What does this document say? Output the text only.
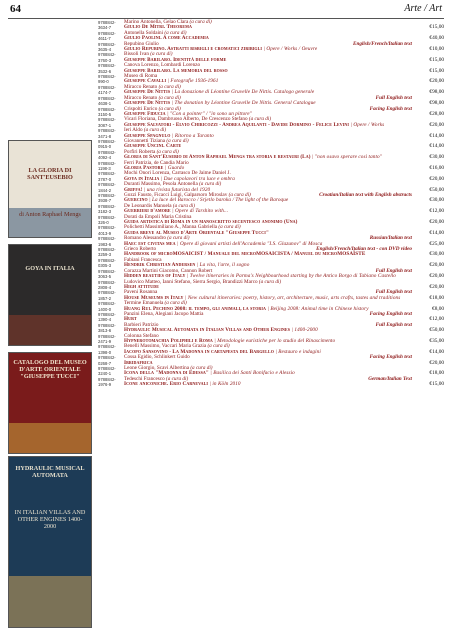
64	Arte / Art
LA GLORIA DI SANT'EUSEBIO
di Anton Raphael Mengs
GOYA IN ITALIA
CATALOGO DEL MUSEO D'ARTE ORIENTALE "GIUSEPPE TUCCI"
HYDRAULIC MUSICAL AUTOMATA
IN ITALIAN VILLAS AND OTHER ENGINES 1400-2000
9788842-3634-7
Marino Antonella, Gelao Clara (a cura di)
Giulio De Mitri. Theorema	€15,00
9788842-4611-7
Antonella Soldaini (a cura di)
Giulio Paolini. A come Accademia	€40,00
9788842-3635-4
Repubino Giulio	English/French/Italian text
Giulio Repubino. Astratti bisbigli e cromatici ziribigli | Opere / Works / Oeuvre	€10,00
9788842-3760-3
Bissoli Ivan (a cura di)
Giuseppe Barilaro. Identità delle forme	€15,00
9788842-3532-6
Canova Lorenzo, Lombardi Lorenzo
Giuseppe Barilaro. La memoria del rosso	€15,00
9788842-990-0
Museo di Roma
Giuseppe Cavalli | Fotografie 1936-1961	€20,00
9788842-4174-7
Miracco Renato (a cura di)
Giuseppe De Nittis | La donazione di Léontine Gruvelle De Nittis. Catalogo generale	€98,00
9788842-4638-1
Miracco Renato (a cura di)	Full English text
Giuseppe De Nittis | The donation by Léontine Gruvelle De Nittis. General Catalogue	€98,00
9788842-3150-5
Crispolti Enrico (a cura di)	Facing English text
Giuseppe Fiducia | "Con a pointer" / "in sono un pittore"	€28,00
9788842-3087-1
Vicari Floriana, Dambruoso Alberto, De Crescenzo Stefano (a cura di)
Giuseppe Salvatori - Elvio Chiricozzi - Andrea Aquilanti - Davide Dormino - Felice Levini | Opere / Works	€20,00
9788842-3471-8
Ieri Aldo (a cura di)
Giuseppe Spagnulo | Ritorno a Taranto	€14,00
9788842-0915-0
Giovannetti Tiziana (a cura di)
Giuseppe Uncini. Carte	€14,00
9788842-4092-4
Porfiri Roberta (a cura di)
Gloria di Sant'Eusebio di Anton Raphael Mengs tra storia e restauri (La) | "non osavo sperare così tanto"	€30,00
9788842-1198-3
Ferri Patrizia, de Candia Mario
Gloria Pastore | Guardo	€16,00
9788842-3787-0
Mochi Onori Lorenza, Carrasco De Jaime Daniel J.
Goya in Italia | Due capolavori tra luce e ombra	€20,00
9788842-1844-2
Duranti Massimo, Pesola Antonella (a cura di)
Griffa! | una rivista futurista del 1920	€50,00
9788842-3938-7
Gozzi Fausto, Ficacci Luigi, Galparsoro Miroslav (a cura di)	Croatian/Italian text with English abstracts
Guercino | La luce del Barocco / Srjetlo baroka / The light of the Baroque	€30,00
9788842-3182-3
De Leonardis Manuela (a cura di)
Guerrieri d'amore | Opere di Tarshito with...	€12,00
9788842-326-0
Dorati da Empoli Maria Cristina
Guida artistica di Roma in un manoscritto secentesco anonimo (Una)	€20,00
9788842-4013-9
Polichetti Massimiliano A., Manna Gabriella (a cura di)
Guida breve al Museo d'Arte Orientale "Giuseppe Tucci"	€14,00
9788842-1983-6
Romano Alessandro (a cura di)	Russian/Italian text
Haec est civitas mea | Opere di giovani artisti dell'Accademia "I.S. Glazunov" di Mosca	€25,00
9788842-3259-3
Grieco Roberto	English/French/Italian text - con DVD video
Handbook of microMOSAICIST / Manuale del microMOSAICISTA / Manuel du microMOSAÏSTE	€30,00
9788842-0305-3
Fabiani Francesca
Hendrik Christian Andersen | La vita, l'arte, il sogno	€20,00
9788842-3063-5
Corazza Martini Giacomo, Cannon Robert	Full English text
Hidden beauties of Italy | Twelve itineraries in Parma's Neighbourhood starting by the Antico Borgo di Tabiano Castello	€20,00
9788842-2808-4
Ludovico Matteo, Ianni Stefano, Sierra Sergio, Brandizzi Marco (a cura di)
High attitude	€20,00
9788842-1857-2
Paveni Rosanna	Full English text
House Museums in Italy | New cultural itineraries: poetry, history, art, architecture, music, arts crafts, tastes and traditions	€18,00
9788842-1400-0
Termine Emanuela (a cura di)
Huang Rui. Pechino 2008: il tempo, gli animali, la storia | Beijing 2008: Animal time in Chinese history	€8,00
9788842-1390-4
Panzini Elena, Alegiani Jacopo Mattia	Facing English text
Hurt	€12,00
9788842-3813-6
Barbieri Patrizio	Full English text
Hydraulic Musical Automata in Italian Villas and Other Engines | 1400-2000	€50,00
9788842-2471-9
Colonna Stefano
Hypnerotomachia Poliphili e Roma | Metodologie euristiche per lo studio del Rinascimento	€35,00
9788842-1398-0
Benelli Massimo, Vaccari Maria Grazia (a cura di)
Iacopo Sansovino - La Madonna in cartapesta del Bargello | Restauro e indagini	€14,00
9788842-0268-7
Cossa Egidio, Schlinkert Guido	Facing English text
Ibridafrica	€20,00
9788842-3240-1
Leone Giorgio, Scavi Albertina (a cura di)
Icona della "Madonna di Edessa" | Basilica dei Santi Bonifacio e Alessio	€18,00
9788842-1976-9
Tedeschi Francesco (a cura di)	German/Italian Text
Icone aniconiche. Erio Carnevali | in Köln 2010	€15,00
